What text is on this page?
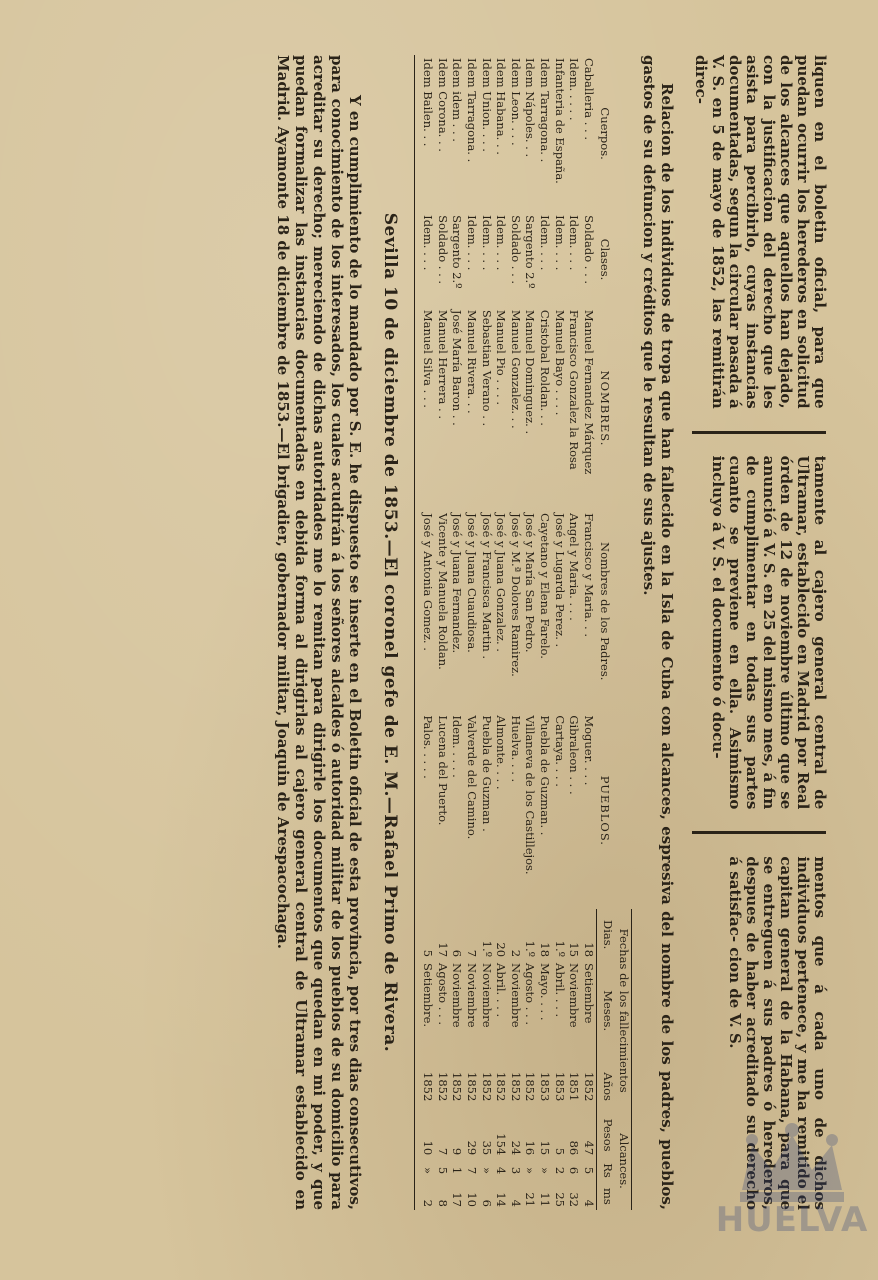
liquen en el boletin oficial, para que puedan ocurrir los herederos en solicitud de los alcances que aquellos han dejado, con la justificacion del derecho que les asista para percibirlo, cuyas instancias documentadas, segun la circular pasada á V. S. en 5 de mayo de 1852, las remitirán direc-
tamente al cajero general central de Ultramar, establecido en Madrid por Real órden de 12 de noviembre último que se anunció á V. S. en 25 del mismo mes, á fin de cumplimentar en todas sus partes cuanto se previene en ella. Asimismo incluyo á V. S. el documento ó docu-
mentos que á cada uno de dichos individuos pertenece, y me ha remitido el capitan general de la Habana, para que se entreguen á sus padres ó herederos, despues de haber acreditado su derecho á satisfac- cion de V. S.
Relacion de los individuos de tropa que han fallecido en la Isla de Cuba con alcances, espresiva del nombre de los padres, pueblos, gastos de su defuncion y créditos que le resultan de sus ajustes.
Cuerpos.	Clases.	NOMBRES.	Nombres de los Padres.	PUEBLOS.	Fechas de los fallecimientos			Alcances.		
					Dias.	Meses.	Años	Pesos	Rs	ms
Caballeria . . .	Soldado . . .	Manuel Fernandez Márquez	Francisco y Maria. . .	Moguer. . . .	18	Setiembre	1852	47	5	4
Idem. . . . .	Idem. . . .	Francisco Gonzalez la Rosa	Angel y Maria. . . .	Gibraleon . . .	15	Noviembre	1851	86	6	32
Infanteria de España.	Idem. . . .	Manuel Bayo . . . .	José y Lugarda Perez. .	Cartaya. . . .	1.º	Abril. . . .	1853	5	2	25
Idem Tarragona. .	Idem. . . .	Cristobal Roldan. . .	Cayetano y Elena Farelo.	Puebla de Guzman. .	18	Mayo. . . .	1853	15	»	11
Idem Nápoles. . .	Sargento 2.º	Manuel Dominguez. .	José y María San Pedro.	Villaneva de los Castillejos.	1.º	Agosto . . .	1852	16	»	21
Idem Leon. . . .	Soldado . . .	Manuel Gonzalez. . .	José y M.ª Dolores Ramirez.	Huelva. . . .	2	Noviembre	1852	24	3	4
Idem Habana. . .	Idem. . . .	Manuel Pio . . . .	José y Juana Gonzalez. .	Almonte. . . .	20	Abril. . . .	1852	154	4	14
Idem Union. . . .	Idem. . . .	Sebastian Verano . .	José y Francisca Martin .	Puebla de Guzman .	1.º	Noviembre	1852	35	»	6
Idem Tarragona. .	Idem. . . .	Manuel Rivera. . .	José y Juana Cuaudiosa.	Valverde del Camino.	7	Noviembre	1852	29	7	10
Idem idem . . .	Sargento 2.º	José María Baron . .	José y Juana Fernandez.	Idem. . . . .	6	Noviembre	1852	9	1	17
Idem Corona. . .	Soldado . . .	Manuel Herrera . .	Vicente y Manuela Roldan.	Lucena del Puerto.	17	Agosto . . .	1852	7	5	8
Idem Bailen. . .	Idem. . . .	Manuel Silva . . .	José y Antonia Gomez. .	Palos. . . . .	5	Setiembre.	1852	10	»	2
Sevilla 10 de diciembre de 1853.—El coronel gefe de E. M.—Rafael Primo de Rivera.
Y en cumplimiento de lo mandado por S. E. he dispuesto se inserte en el Boletin oficial de esta provincia, por tres dias consecutivos, para conocimiento de los interesados, los cuales acudirán á los señores alcaldes ó autoridad militar de los pueblos de su domicilio para acreditar su derecho; mereciendo de dichas autoridades me lo remitan para dirigirle los documentos que quedan en mi poder, y que puedan formalizar las instancias documentadas en debida forma al dirigirlas al cajero general central de Ultramar establecido en Madrid. Ayamonte 18 de diciembre de 1853.—El brigadier, gobernador militar, Joaquin de Arespacochaga.
HUELVA
